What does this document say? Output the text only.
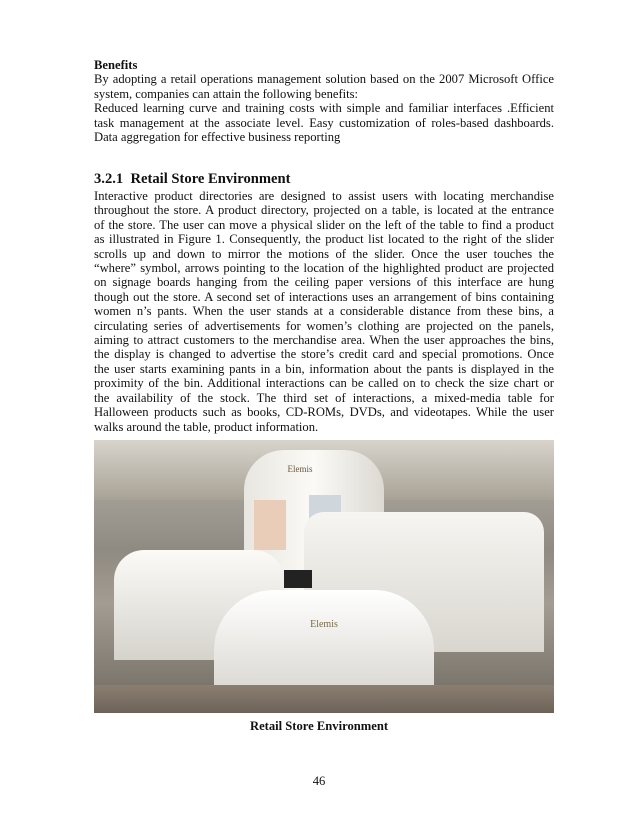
Benefits
By adopting a retail operations management solution based on the 2007 Microsoft Office
system, companies can attain the following benefits:
Reduced learning curve and training costs with simple and familiar interfaces .Efficient
task management at the associate level. Easy customization of roles-based dashboards.
Data aggregation for effective business reporting
3.2.1  Retail Store Environment
Interactive product directories are designed to assist users with locating merchandise
throughout the store. A product directory, projected on a table, is located at the entrance
of the store. The user can move a physical slider on the left of the table to find a product
as illustrated in Figure 1. Consequently, the product list located to the right of the slider
scrolls up and down to mirror the motions of the slider. Once the user touches the
“where” symbol, arrows pointing to the location of the highlighted product are projected
on signage boards hanging from the ceiling paper versions of this interface are hung
though out the store. A second set of interactions uses an arrangement of bins containing
women n’s pants. When the user stands at a considerable distance from these bins, a
circulating series of advertisements for women’s clothing are projected on the panels,
aiming to attract customers to the merchandise area. When the user approaches the bins,
the display is changed to advertise the store’s credit card and special promotions. Once
the user starts examining pants in a bin, information about the pants is displayed in the
proximity of the bin. Additional interactions can be called on to check the size chart or
the availability of the stock. The third set of interactions, a mixed-media table for
Halloween products such as books, CD-ROMs, DVDs, and videotapes. While the user
walks around the table, product information.
Elemis
Elemis
Retail Store Environment
46
